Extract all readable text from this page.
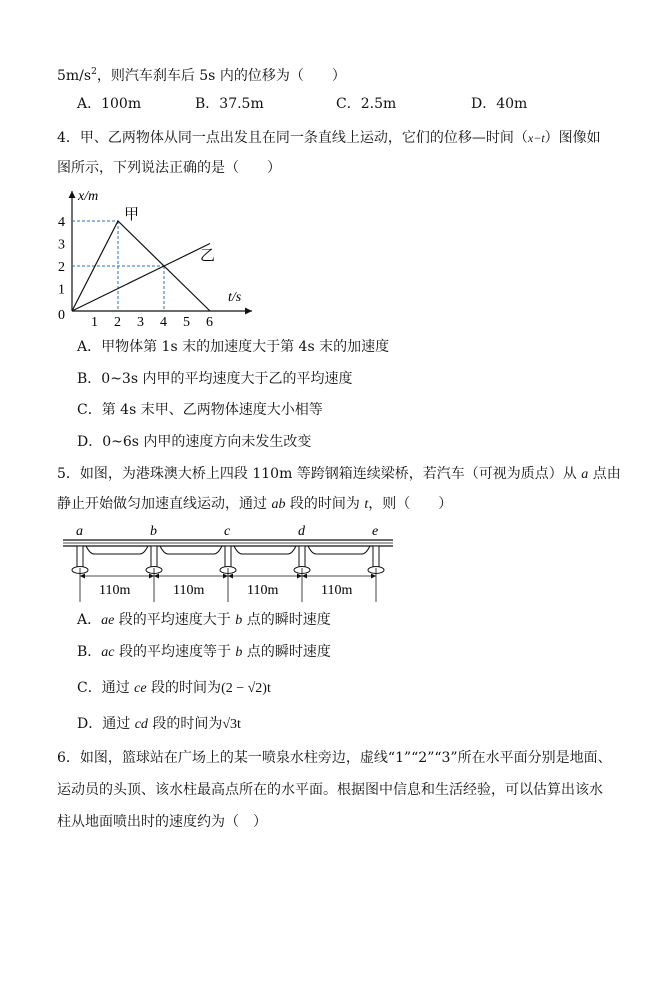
$5m/s^2$，则汽车刹车后 5s 内的位移为（　　）
A．100m	B．37.5m	C．2.5m	D．40m
4．甲、乙两物体从同一点出发且在同一条直线上运动，它们的位移—时间（x−t）图像如
图所示，下列说法正确的是（　　）
x/m
t/s
0
4
3
2
1
1 2 3 4 5 6
甲
乙
A．甲物体第 1s 末的加速度大于第 4s 末的加速度
B．0~3s 内甲的平均速度大于乙的平均速度
C．第 4s 末甲、乙两物体速度大小相等
D．0~6s 内甲的速度方向未发生改变
5．如图，为港珠澳大桥上四段 110m 等跨钢箱连续梁桥，若汽车（可视为质点）从 a 点由
静止开始做匀加速直线运动，通过 ab 段的时间为 t，则（　　）
a	b	c	d	e
110m	110m	110m	110m
A．ae 段的平均速度大于 b 点的瞬时速度
B．ac 段的平均速度等于 b 点的瞬时速度
C．通过 ce 段的时间为(2 − √2)t
D．通过 cd 段的时间为√3t
6．如图，篮球站在广场上的某一喷泉水柱旁边，虚线“1”“2”“3”所在水平面分别是地面、
运动员的头顶、该水柱最高点所在的水平面。根据图中信息和生活经验，可以估算出该水
柱从地面喷出时的速度约为（　）
